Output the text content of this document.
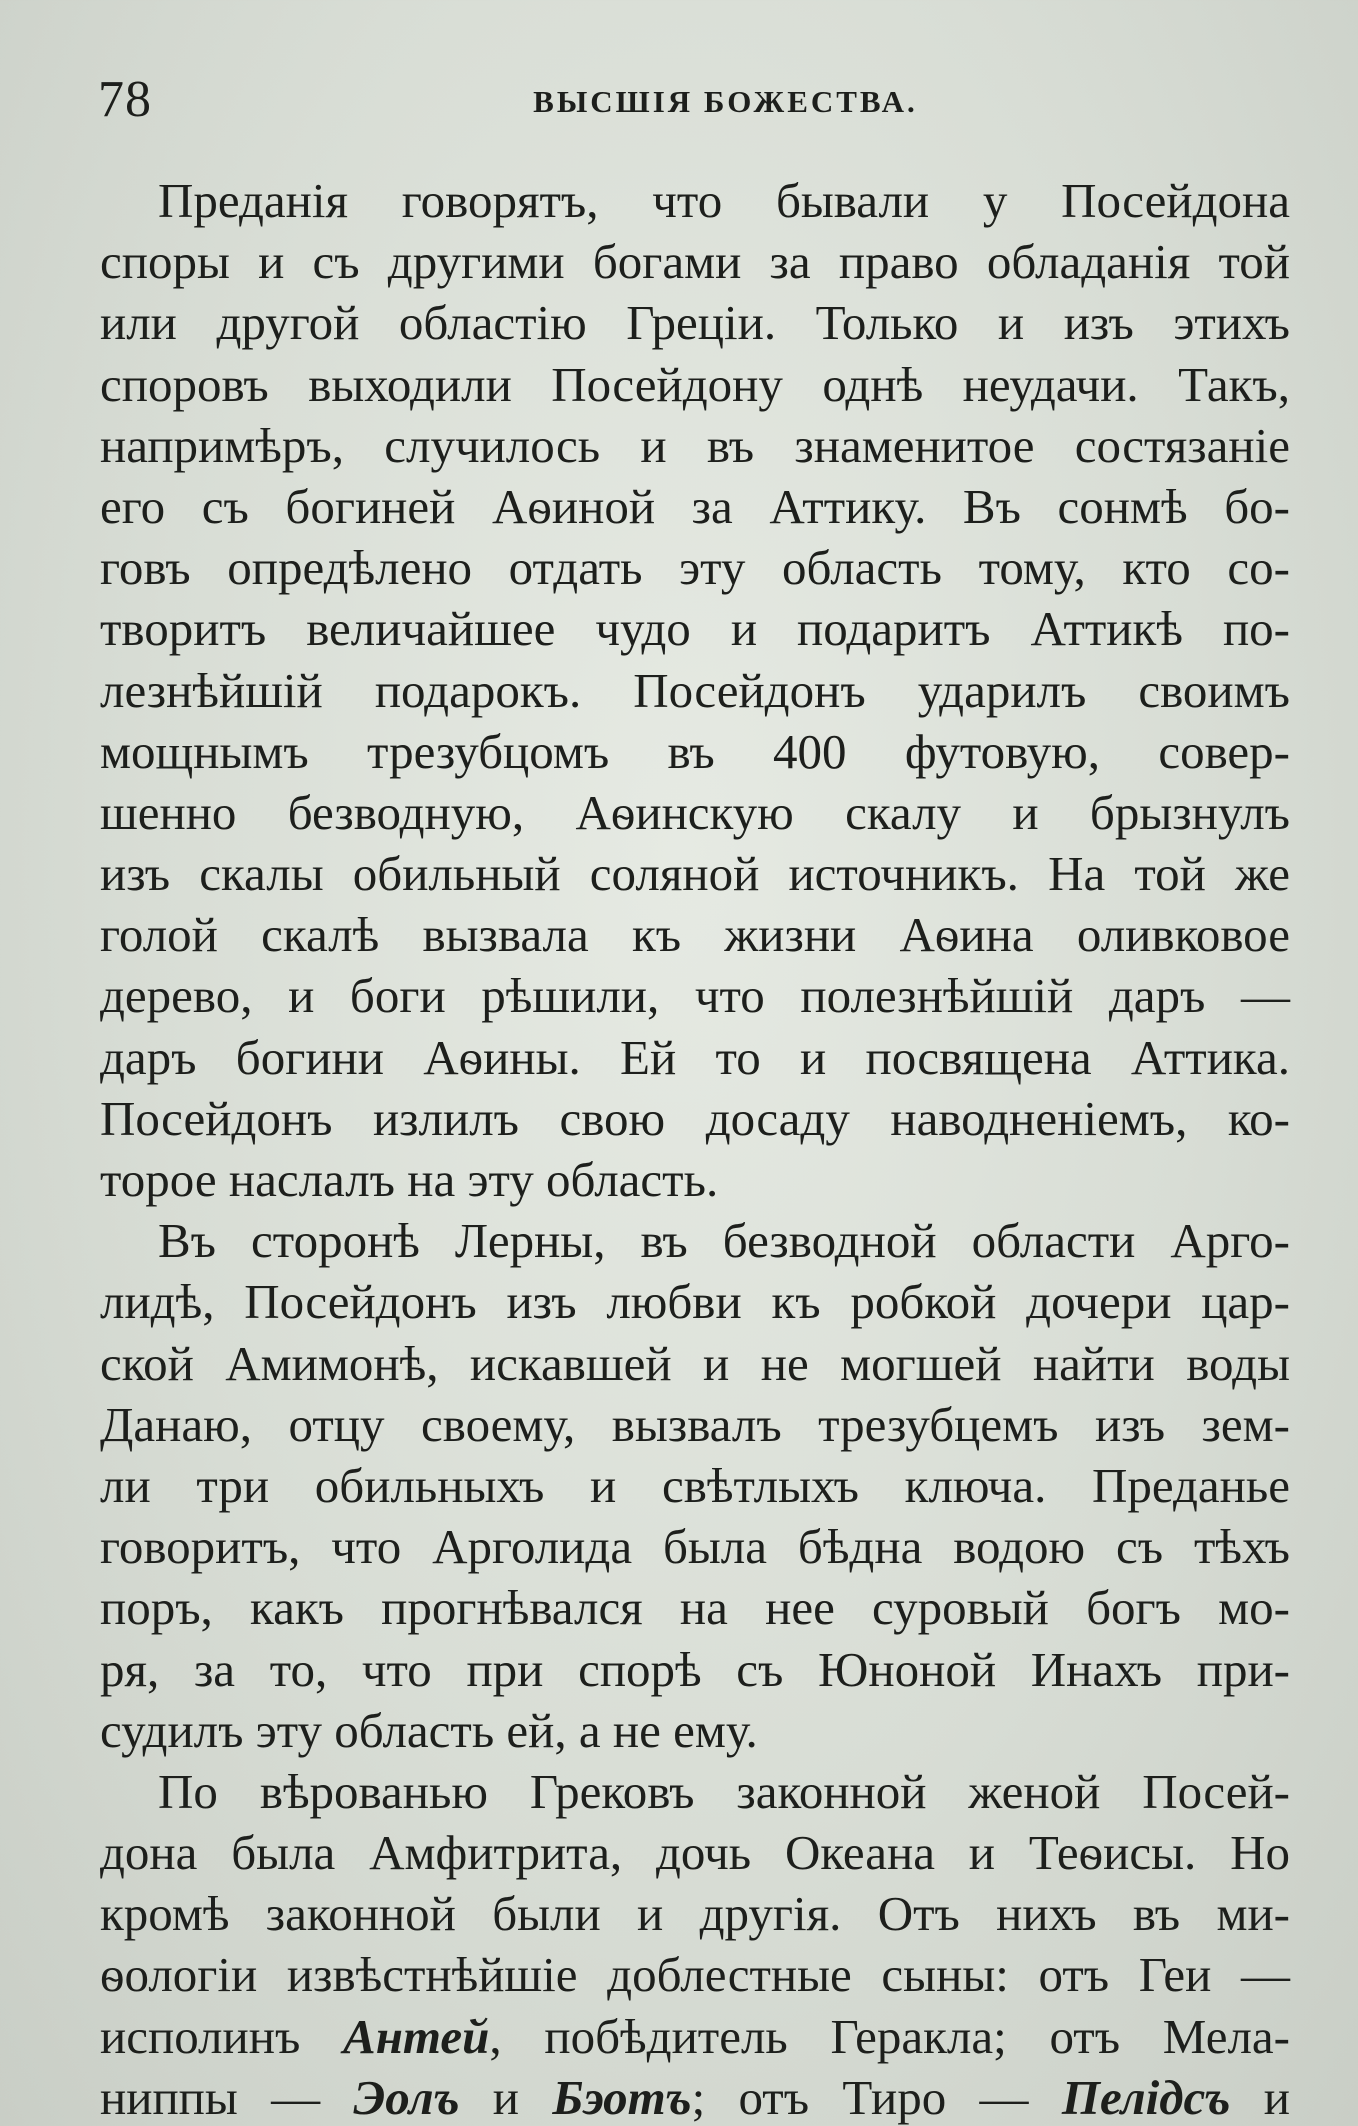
78	ВЫСШІЯ БОЖЕСТВА.
Преданія говорятъ, что бывали у Посейдона
споры и съ другими богами за право обладанія той
или другой областію Греціи. Только и изъ этихъ
споровъ выходили Посейдону однѣ неудачи. Такъ,
напримѣръ, случилось и въ знаменитое состязаніе
его съ богиней Аѳиной за Аттику. Въ сонмѣ бо-
говъ опредѣлено отдать эту область тому, кто со-
творитъ величайшее чудо и подаритъ Аттикѣ по-
лезнѣйшій подарокъ. Посейдонъ ударилъ своимъ
мощнымъ трезубцомъ въ 400 футовую, совер-
шенно безводную, Аѳинскую скалу и брызнулъ
изъ скалы обильный соляной источникъ. На той же
голой скалѣ вызвала къ жизни Аѳина оливковое
дерево, и боги рѣшили, что полезнѣйшій даръ —
даръ богини Аѳины. Ей то и посвящена Аттика.
Посейдонъ излилъ свою досаду наводненіемъ, ко-
торое наслалъ на эту область.
Въ сторонѣ Лерны, въ безводной области Арго-
лидѣ, Посейдонъ изъ любви къ робкой дочери цар-
ской Амимонѣ, искавшей и не могшей найти воды
Данаю, отцу своему, вызвалъ трезубцемъ изъ зем-
ли три обильныхъ и свѣтлыхъ ключа. Преданье
говоритъ, что Арголида была бѣдна водою съ тѣхъ
поръ, какъ прогнѣвался на нее суровый богъ мо-
ря, за то, что при спорѣ съ Юноной Инахъ при-
судилъ эту область ей, а не ему.
По вѣрованью Грековъ законной женой Посей-
дона была Амфитрита, дочь Океана и Теѳисы. Но
кромѣ законной были и другія. Отъ нихъ въ ми-
ѳологіи извѣстнѣйшіе доблестные сыны: отъ Геи —
исполинъ Антей, побѣдитель Геракла; отъ Мела-
ниппы — Эолъ и Бэотъ; отъ Тиро — Пелідсъ и
